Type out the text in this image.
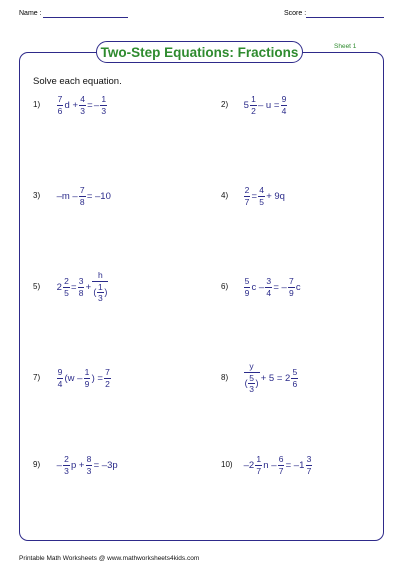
Name :	Score :
Two-Step Equations: Fractions	Sheet 1
Solve each equation.
$1) \frac{7}{6}$ $d + \frac{4}{3}$ = – $\frac{1}{3}$	2) $5 \frac{1}{2} - u = \frac{9}{4}$
3) $-m - \frac{7}{8} = -10$	$4) \frac{2}{7} = \frac{4}{5} + 9q$
5) $2 \frac{2}{5} = \frac{3}{8} + \frac{h}{( \frac{1}{3} )}$	$6) \frac{5}{9}$ c – $\frac{3}{4}$ = – $\frac{7}{9}$ c
$7) \frac{9}{4} (w - \frac{1}{9}$ ) = $\frac{7}{2}$	$8) \frac{y}{( \frac{5}{3} )} + 5 = 2 \frac{5}{6}$
$9) - \frac{2}{3}$ $p + \frac{8}{3} = -3p$	10) $-2 \frac{1}{7}$ $n - \frac{6}{7} = -1 \frac{3}{7}$
Printable Math Worksheets @ www.mathworksheets4kids.com
